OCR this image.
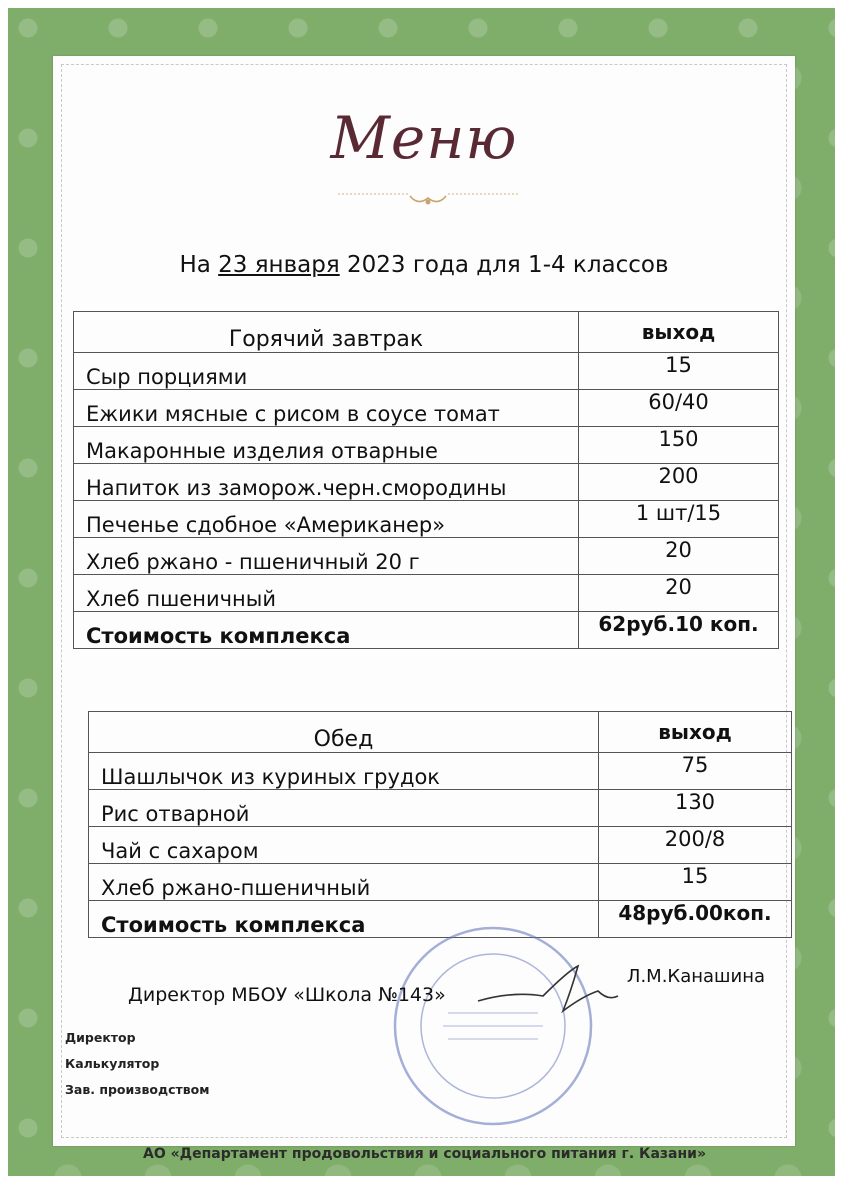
Меню
На 23 января 2023 года для 1-4 классов
Горячий завтрак	выход
Сыр порциями	15
Ежики мясные с рисом в соусе томат	60/40
Макаронные изделия отварные	150
Напиток из заморож.черн.смородины	200
Печенье сдобное «Американер»	1 шт/15
Хлеб ржано - пшеничный 20 г	20
Хлеб пшеничный	20
Стоимость комплекса	62руб.10 коп.
Обед	выход
Шашлычок из куриных грудок	75
Рис отварной	130
Чай с сахаром	200/8
Хлеб ржано-пшеничный	15
Стоимость комплекса	48руб.00коп.
Директор МБОУ «Школа №143»
Л.М.Канашина
Директор
Калькулятор
Зав. производством
АО «Департамент продовольствия и социального питания г. Казани»
